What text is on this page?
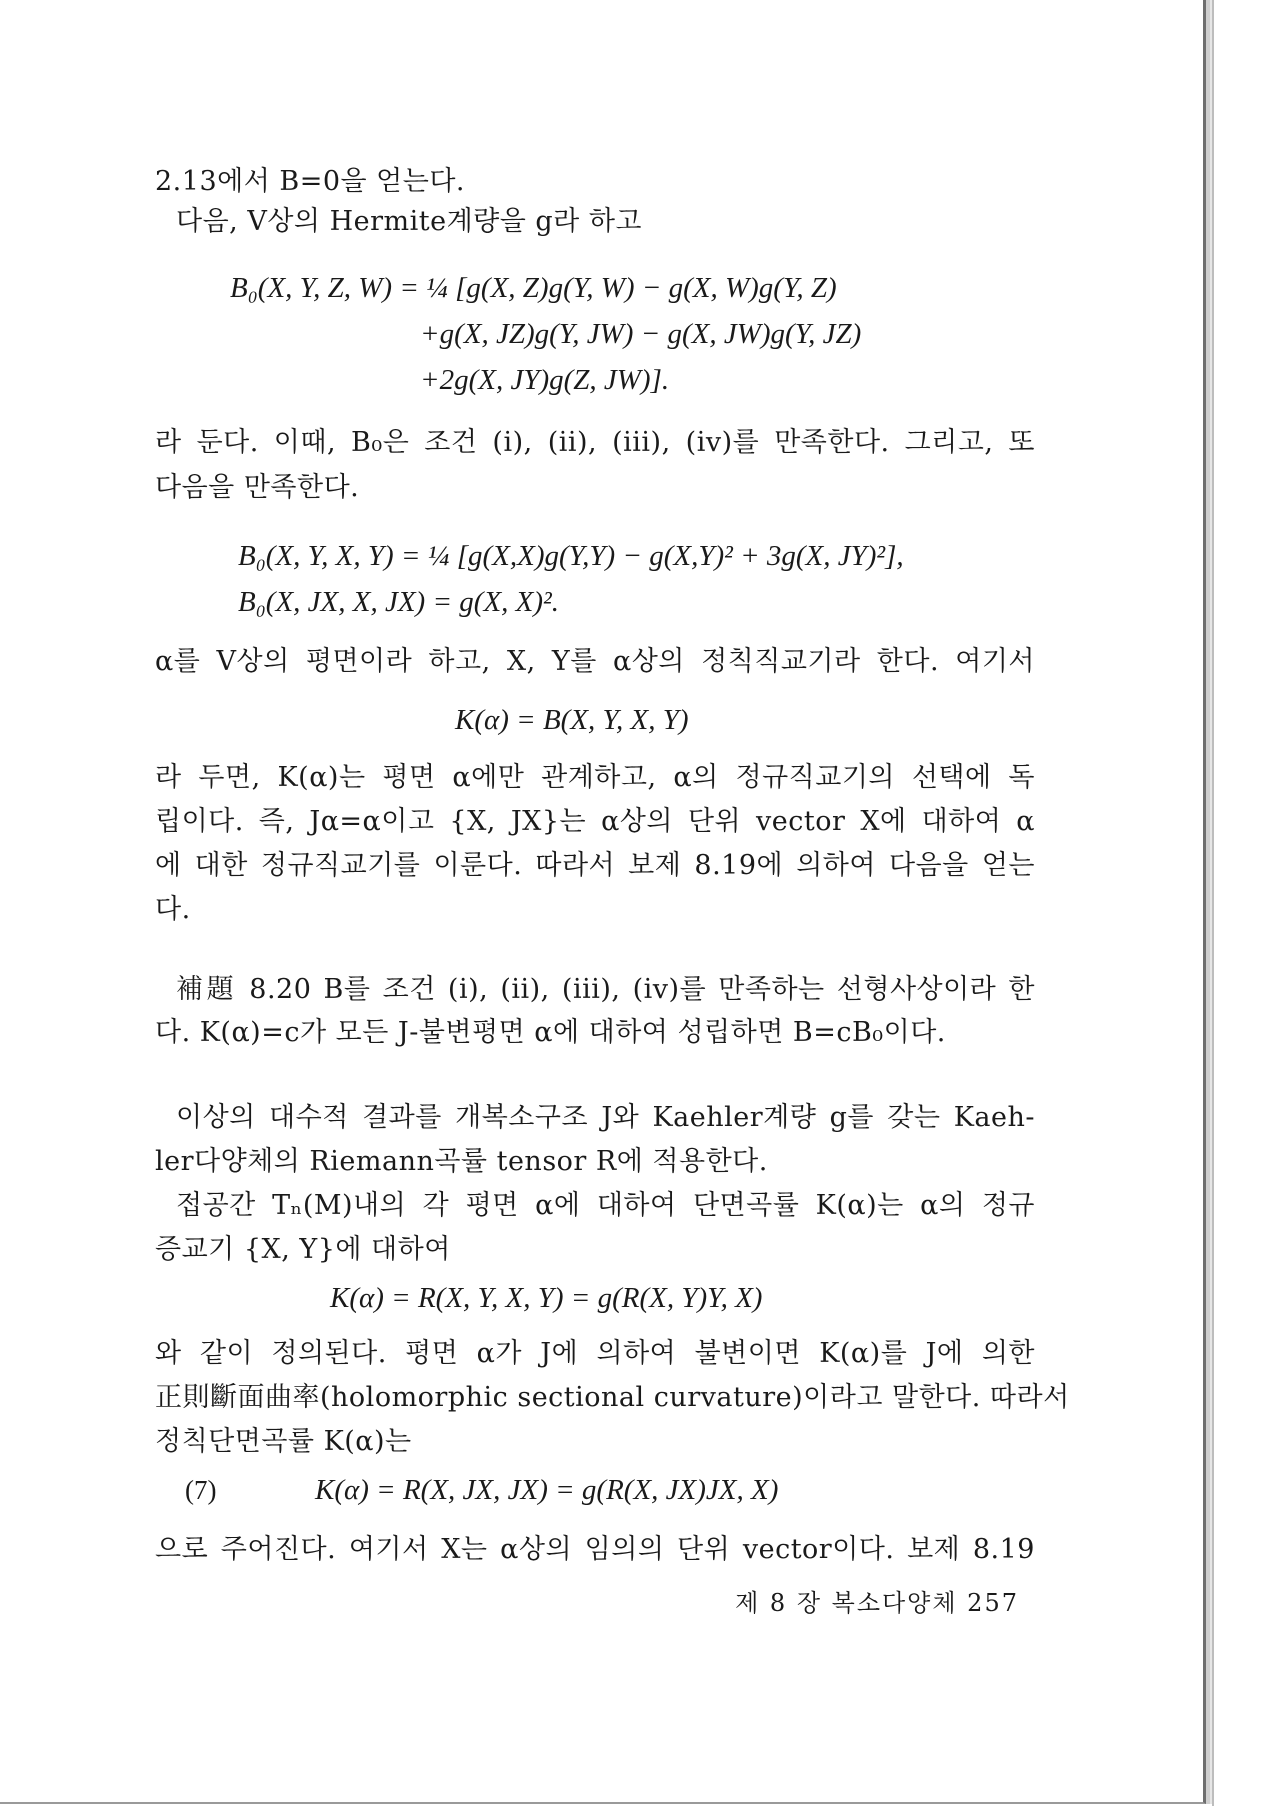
2.13에서 B=0을 얻는다.
다음, V상의 Hermite계량을 g라 하고
B₀(X, Y, Z, W) = ¼ [g(X, Z)g(Y, W) − g(X, W)g(Y, Z)
+g(X, JZ)g(Y, JW) − g(X, JW)g(Y, JZ)
+2g(X, JY)g(Z, JW)].
라 둔다. 이때, B₀은 조건 (i), (ii), (iii), (iv)를 만족한다. 그리고, 또
다음을 만족한다.
B₀(X, Y, X, Y) = ¼ [g(X,X)g(Y,Y) − g(X,Y)² + 3g(X, JY)²],
B₀(X, JX, X, JX) = g(X, X)².
α를 V상의 평면이라 하고, X, Y를 α상의 정칙직교기라 한다. 여기서
K(α) = B(X, Y, X, Y)
라 두면, K(α)는 평면 α에만 관계하고, α의 정규직교기의 선택에 독
립이다. 즉, Jα=α이고 {X, JX}는 α상의 단위 vector X에 대하여 α
에 대한 정규직교기를 이룬다. 따라서 보제 8.19에 의하여 다음을 얻는
다.
補題 8.20 B를 조건 (i), (ii), (iii), (iv)를 만족하는 선형사상이라 한
다. K(α)=c가 모든 J-불변평면 α에 대하여 성립하면 B=cB₀이다.
이상의 대수적 결과를 개복소구조 J와 Kaehler계량 g를 갖는 Kaeh-
ler다양체의 Riemann곡률 tensor R에 적용한다.
접공간 Tₙ(M)내의 각 평면 α에 대하여 단면곡률 K(α)는 α의 정규
증교기 {X, Y}에 대하여
K(α) = R(X, Y, X, Y) = g(R(X, Y)Y, X)
와 같이 정의된다. 평면 α가 J에 의하여 불변이면 K(α)를 J에 의한
正則斷面曲率(holomorphic sectional curvature)이라고 말한다. 따라서
정칙단면곡률 K(α)는
(7)	K(α) = R(X, JX, JX) = g(R(X, JX)JX, X)
으로 주어진다. 여기서 X는 α상의 임의의 단위 vector이다. 보제 8.19
제 8 장 복소다양체 257
